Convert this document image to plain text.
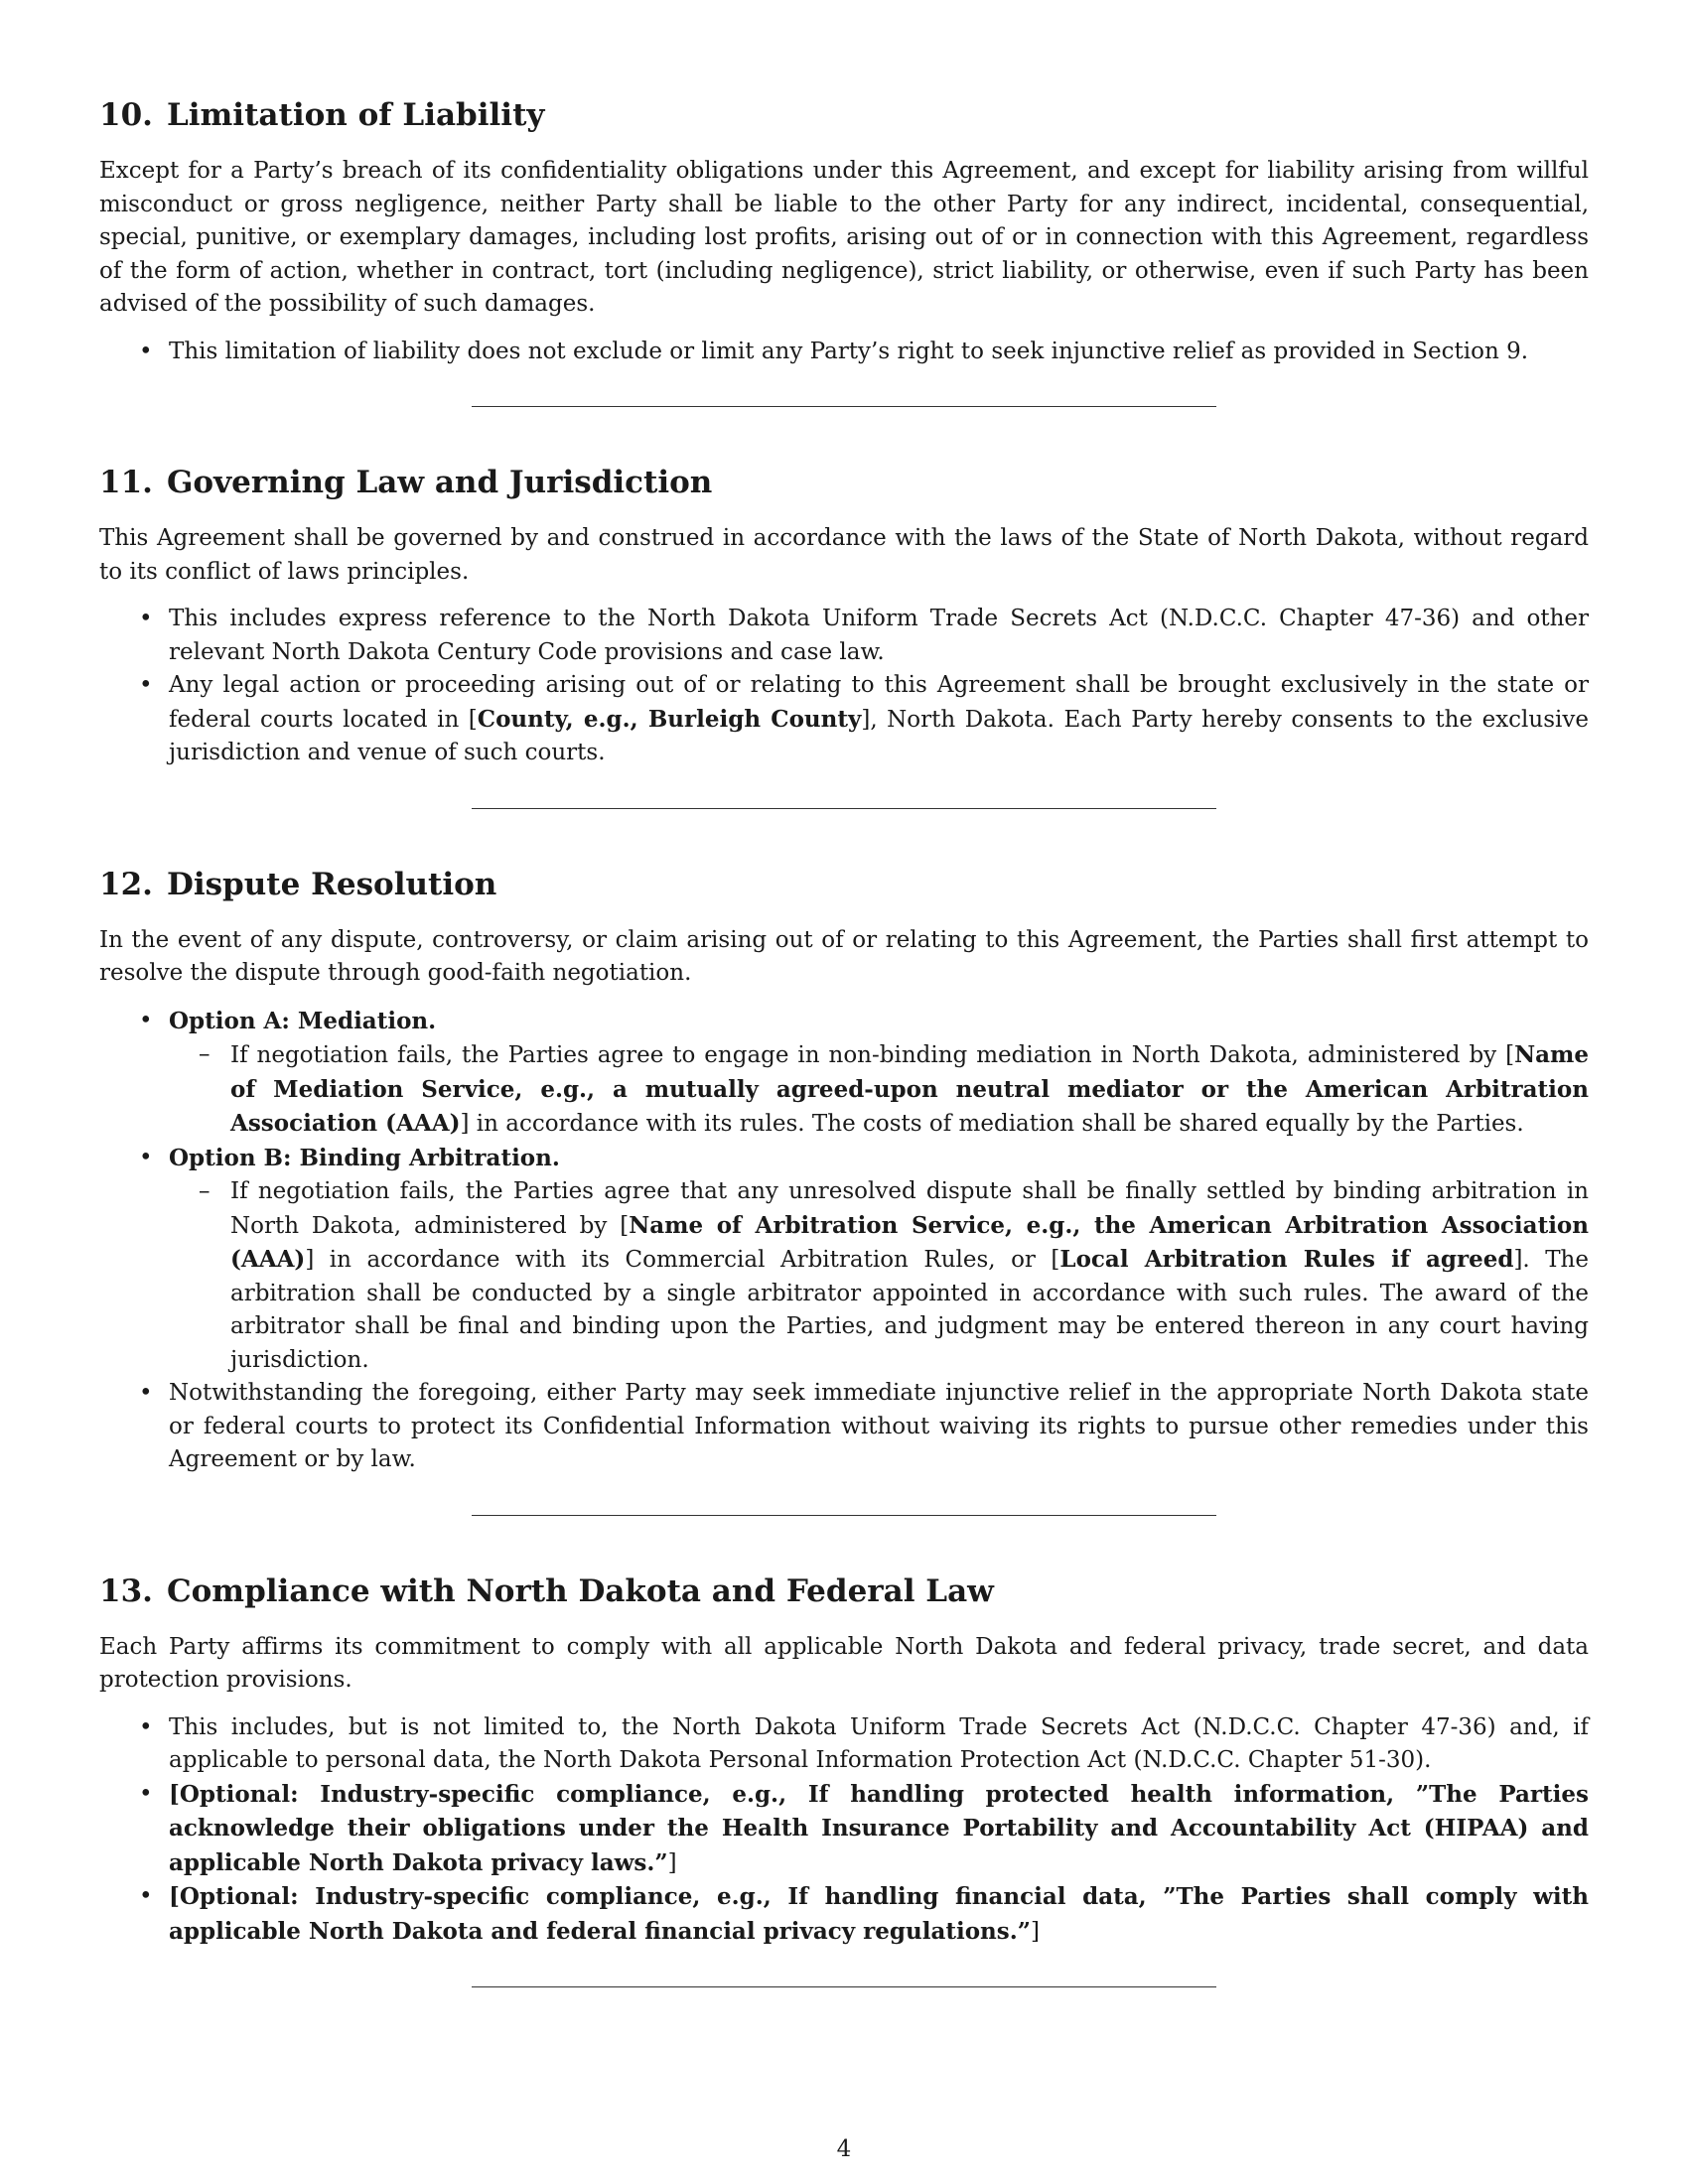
10. Limitation of Liability

Except for a Party’s breach of its confidentiality obligations under this Agreement, and except for liability arising from willful misconduct or gross negligence, neither Party shall be liable to the other Party for any indirect, incidental, consequential, special, punitive, or exemplary damages, including lost profits, arising out of or in connection with this Agreement, regardless of the form of action, whether in contract, tort (including negligence), strict liability, or otherwise, even if such Party has been advised of the possibility of such damages.

• This limitation of liability does not exclude or limit any Party’s right to seek injunctive relief as provided in Section 9.
11. Governing Law and Jurisdiction

This Agreement shall be governed by and construed in accordance with the laws of the State of North Dakota, without regard to its conflict of laws principles.

• This includes express reference to the North Dakota Uniform Trade Secrets Act (N.D.C.C. Chapter 47-36) and other relevant North Dakota Century Code provisions and case law.
• Any legal action or proceeding arising out of or relating to this Agreement shall be brought exclusively in the state or federal courts located in [County, e.g., Burleigh County], North Dakota. Each Party hereby consents to the exclusive jurisdiction and venue of such courts.
12. Dispute Resolution

In the event of any dispute, controversy, or claim arising out of or relating to this Agreement, the Parties shall first attempt to resolve the dispute through good-faith negotiation.

• Option A: Mediation.
– If negotiation fails, the Parties agree to engage in non-binding mediation in North Dakota, administered by [Name of Mediation Service, e.g., a mutually agreed-upon neutral mediator or the American Arbitration Association (AAA)] in accordance with its rules. The costs of mediation shall be shared equally by the Parties.
• Option B: Binding Arbitration.
– If negotiation fails, the Parties agree that any unresolved dispute shall be finally settled by binding arbitration in North Dakota, administered by [Name of Arbitration Service, e.g., the American Arbitration Association (AAA)] in accordance with its Commercial Arbitration Rules, or [Local Arbitration Rules if agreed]. The arbitration shall be conducted by a single arbitrator appointed in accordance with such rules. The award of the arbitrator shall be final and binding upon the Parties, and judgment may be entered thereon in any court having jurisdiction.
• Notwithstanding the foregoing, either Party may seek immediate injunctive relief in the appropriate North Dakota state or federal courts to protect its Confidential Information without waiving its rights to pursue other remedies under this Agreement or by law.
13. Compliance with North Dakota and Federal Law

Each Party affirms its commitment to comply with all applicable North Dakota and federal privacy, trade secret, and data protection provisions.

• This includes, but is not limited to, the North Dakota Uniform Trade Secrets Act (N.D.C.C. Chapter 47-36) and, if applicable to personal data, the North Dakota Personal Information Protection Act (N.D.C.C. Chapter 51-30).
• [Optional: Industry-specific compliance, e.g., If handling protected health information, ”The Parties acknowledge their obligations under the Health Insurance Portability and Accountability Act (HIPAA) and applicable North Dakota privacy laws.”]
• [Optional: Industry-specific compliance, e.g., If handling financial data, ”The Parties shall comply with applicable North Dakota and federal financial privacy regulations.”]
4
